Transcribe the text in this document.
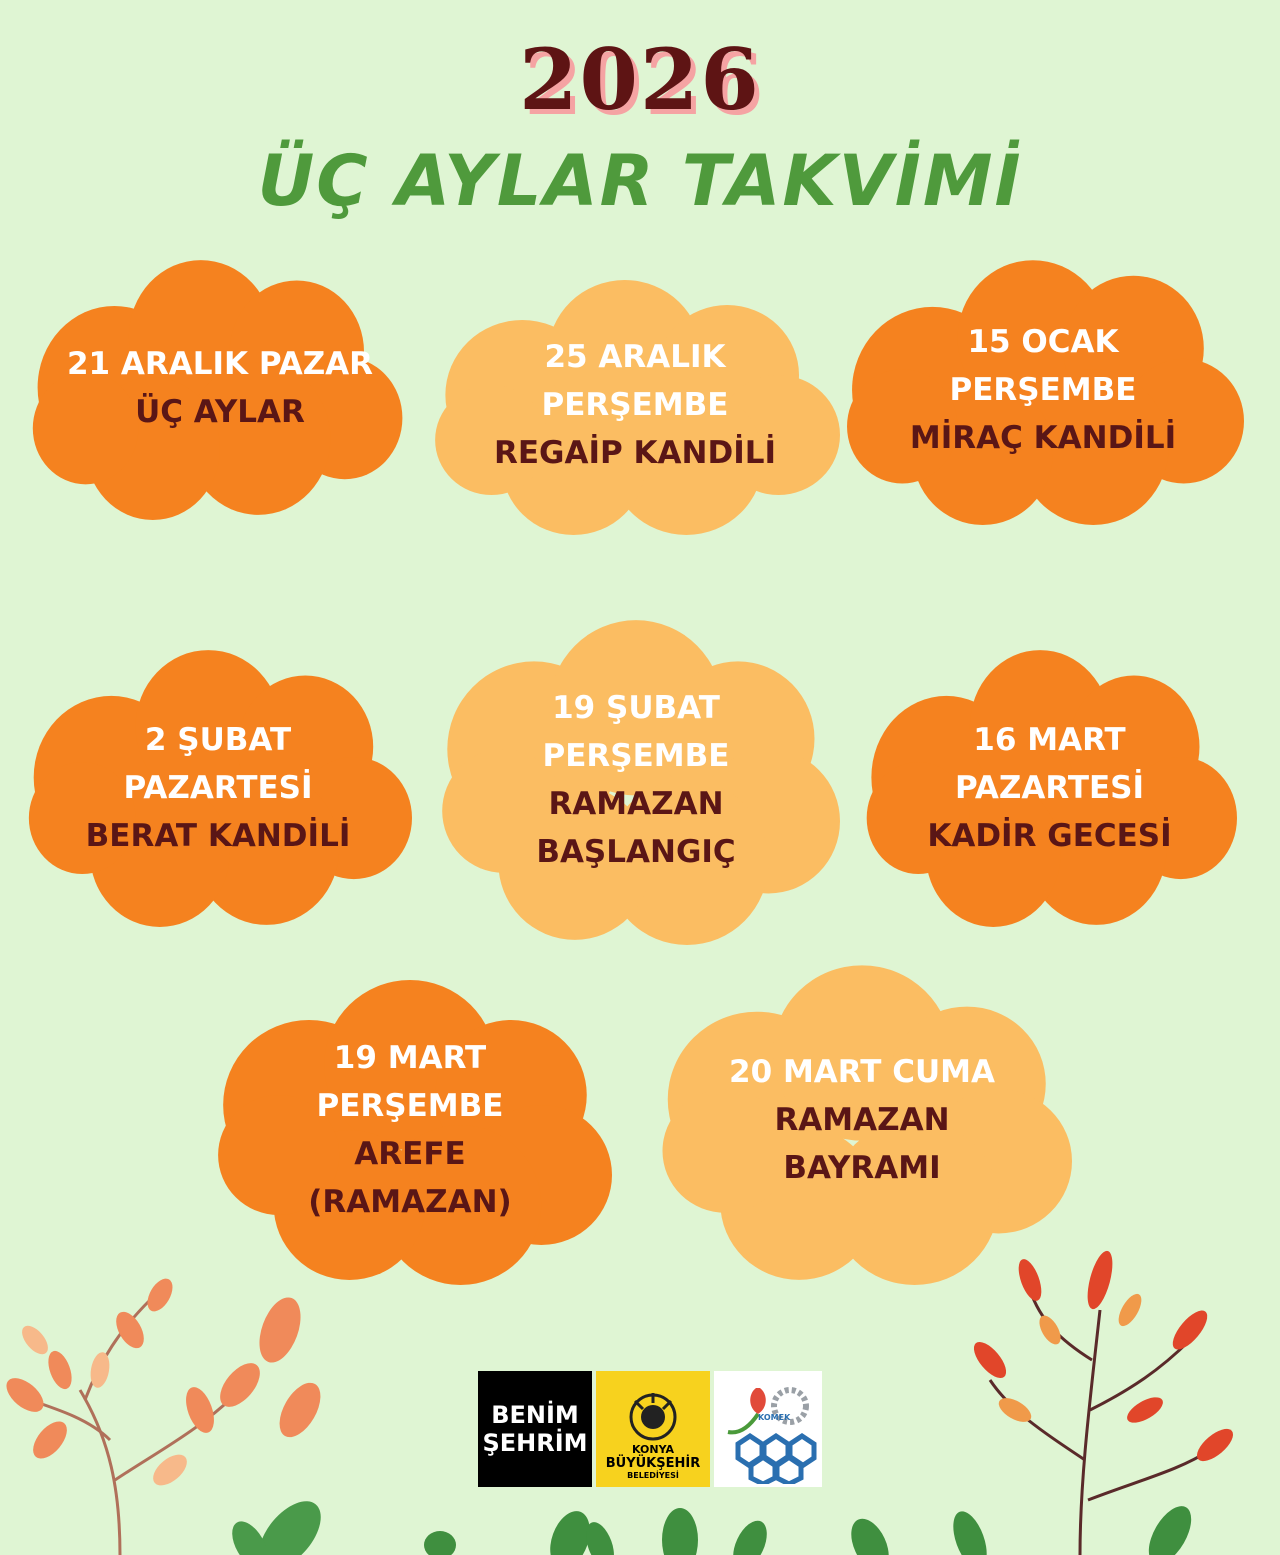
2026
ÜÇ AYLAR TAKVİMİ
21 ARALIK PAZAR
ÜÇ AYLAR
25 ARALIK
PERŞEMBE
REGAİP KANDİLİ
15 OCAK
PERŞEMBE
MİRAÇ KANDİLİ
2 ŞUBAT
PAZARTESİ
BERAT KANDİLİ
19 ŞUBAT
PERŞEMBE
RAMAZAN
BAŞLANGIÇ
16 MART
PAZARTESİ
KADİR GECESİ
19 MART
PERŞEMBE
AREFE
(RAMAZAN)
20 MART CUMA
RAMAZAN
BAYRAMI
BENİM
ŞEHRİM	KONYA
BÜYÜKŞEHİR
BELEDİYESİ
KOMEK
